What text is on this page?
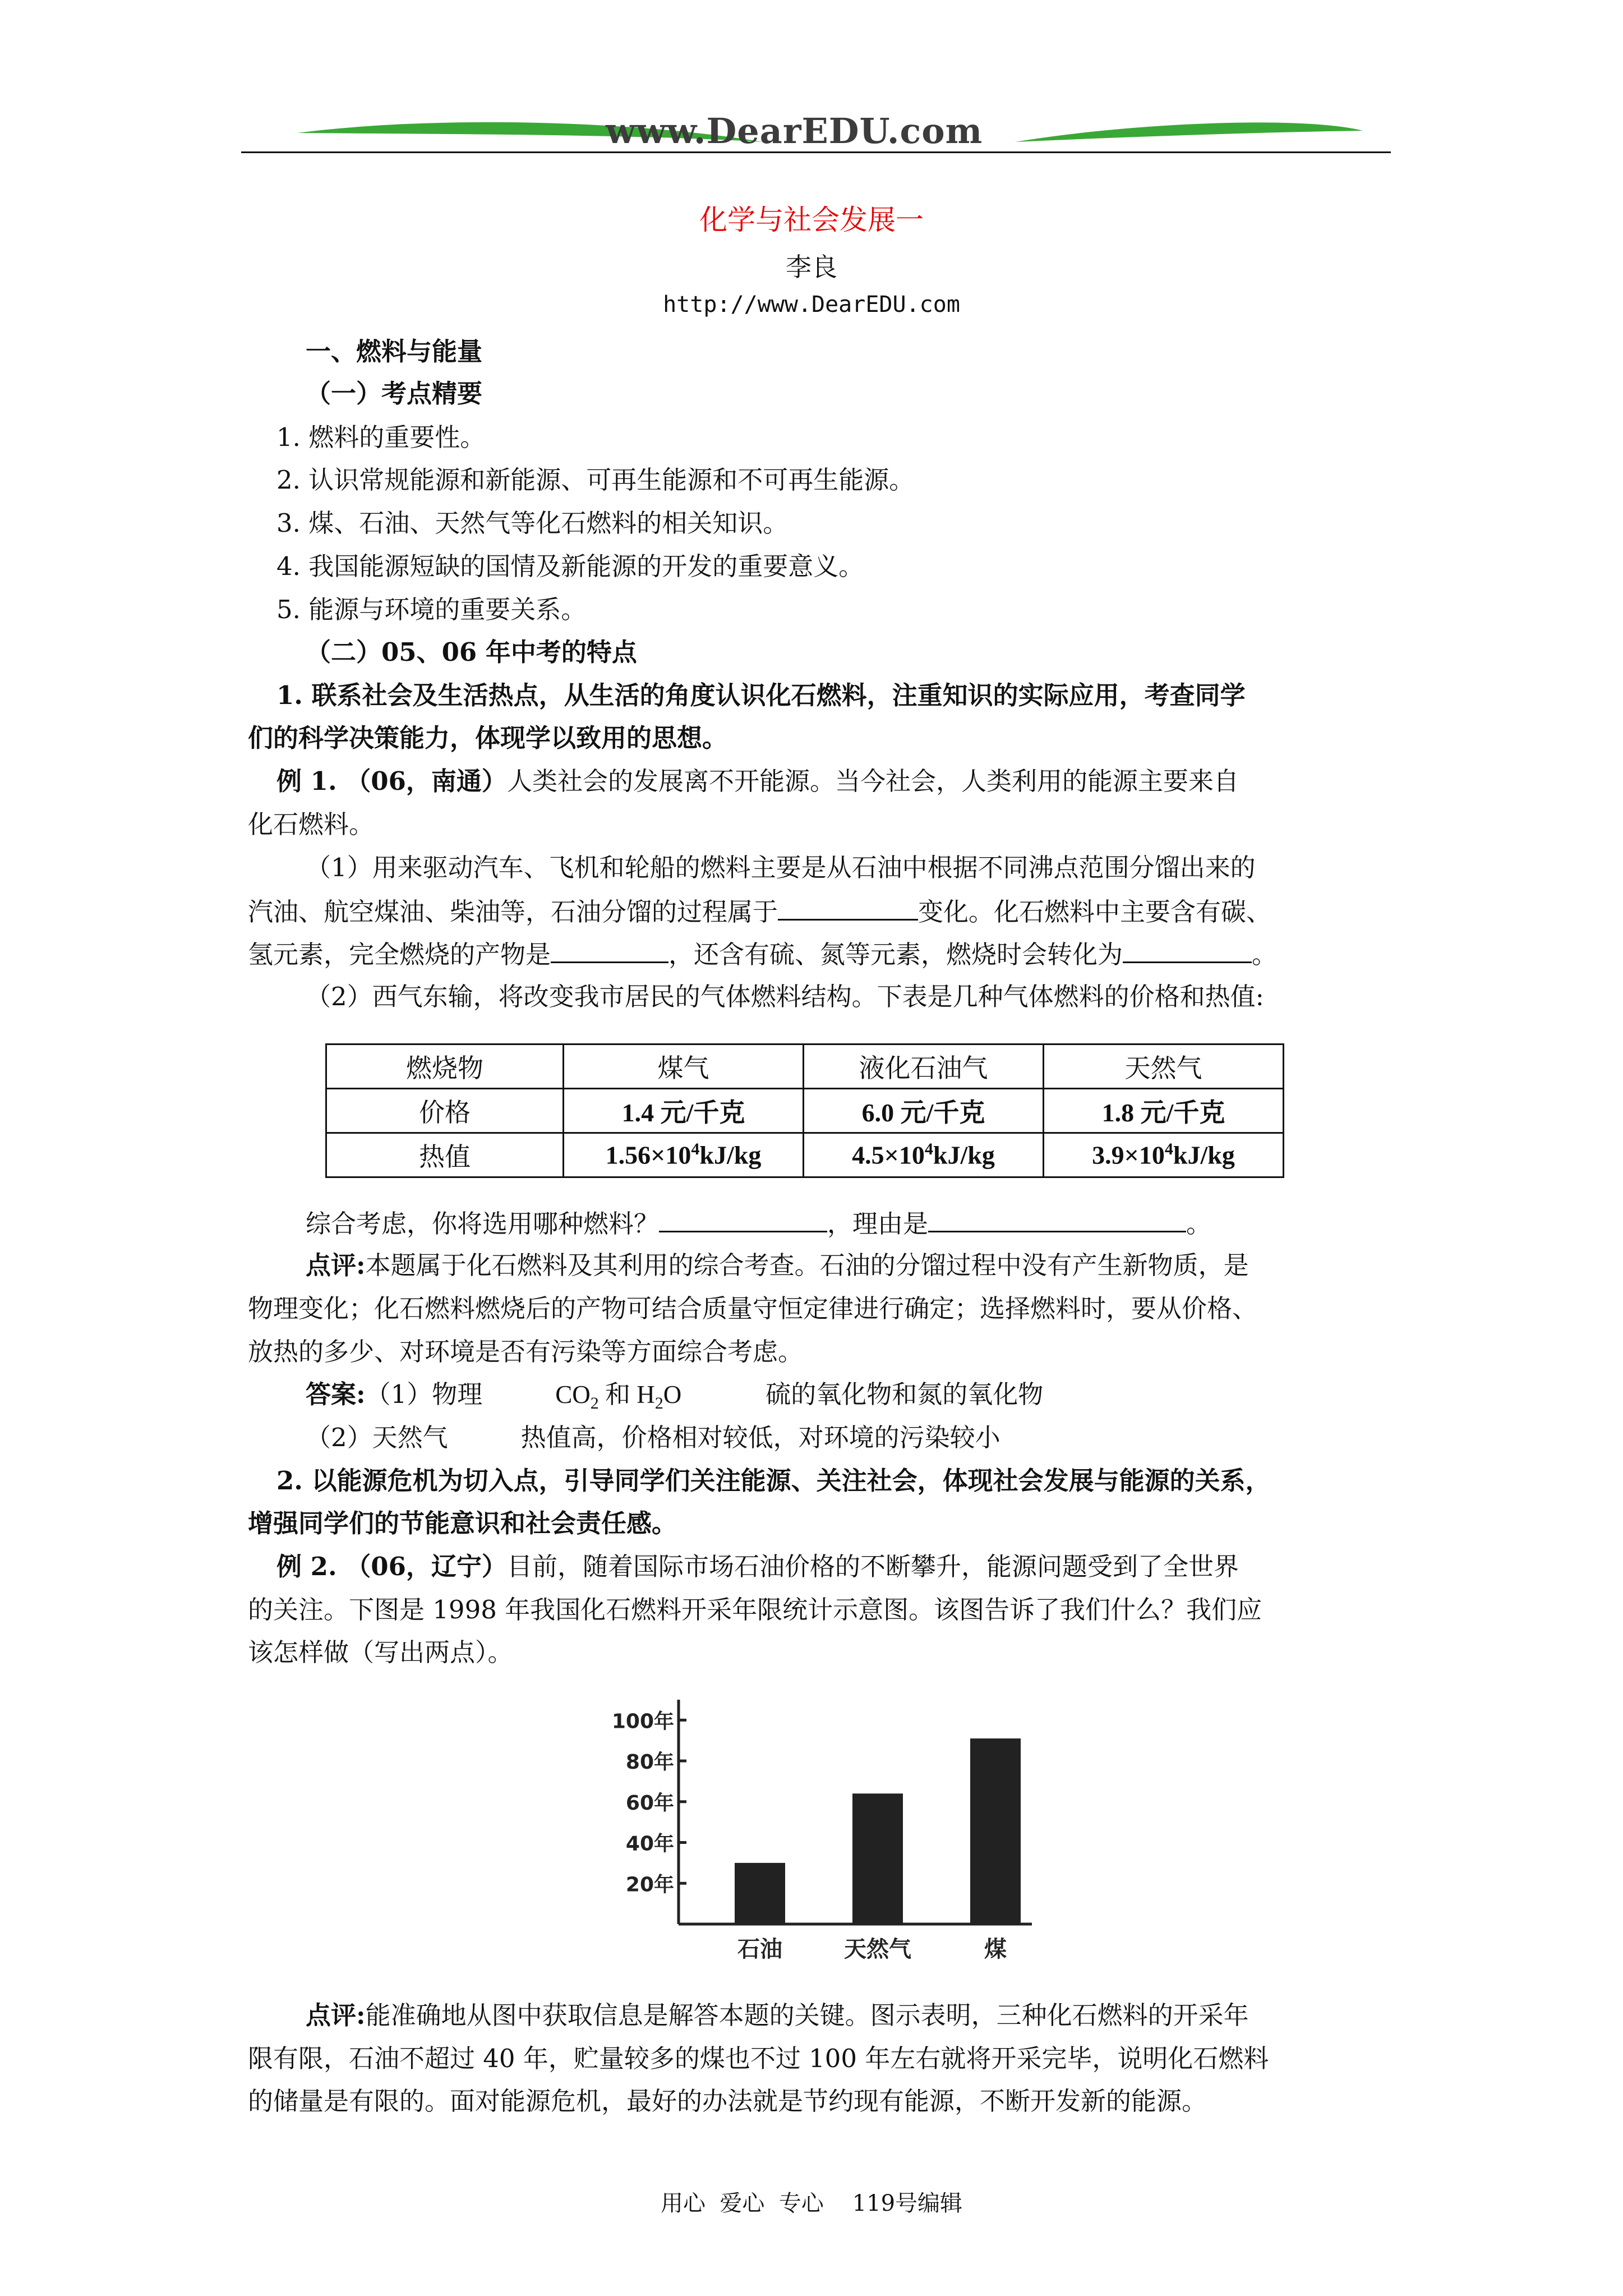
www.DearEDU.com
化学与社会发展一
李良
http://www.DearEDU.com
一、燃料与能量
（一）考点精要
1. 燃料的重要性。
2. 认识常规能源和新能源、可再生能源和不可再生能源。
3. 煤、石油、天然气等化石燃料的相关知识。
4. 我国能源短缺的国情及新能源的开发的重要意义。
5. 能源与环境的重要关系。
（二）05、06 年中考的特点
1. 联系社会及生活热点，从生活的角度认识化石燃料，注重知识的实际应用，考查同学
们的科学决策能力，体现学以致用的思想。
例 1. （06，南通）人类社会的发展离不开能源。当今社会，人类利用的能源主要来自
化石燃料。
（1）用来驱动汽车、飞机和轮船的燃料主要是从石油中根据不同沸点范围分馏出来的
汽油、航空煤油、柴油等，石油分馏的过程属于	变化。化石燃料中主要含有碳、
氢元素，完全燃烧的产物是	，还含有硫、氮等元素，燃烧时会转化为	。
（2）西气东输，将改变我市居民的气体燃料结构。下表是几种气体燃料的价格和热值:
燃烧物	煤气	液化石油气	天然气
价格	1.4 元/千克	6.0 元/千克	1.8 元/千克
热值	$1.56\times 10^4kJ/kg$	$4.5\times 10^4kJ/kg$	$3.9\times 10^4kJ/kg$
综合考虑，你将选用哪种燃料？	，理由是	。
点评:本题属于化石燃料及其利用的综合考查。石油的分馏过程中没有产生新物质，是
物理变化；化石燃料燃烧后的产物可结合质量守恒定律进行确定；选择燃料时，要从价格、
放热的多少、对环境是否有污染等方面综合考虑。
答案:（1）物理	$CO_2$ 和 $H_2O$	硫的氧化物和氮的氧化物
（2）天然气	热值高，价格相对较低，对环境的污染较小
2. 以能源危机为切入点，引导同学们关注能源、关注社会，体现社会发展与能源的关系，
增强同学们的节能意识和社会责任感。
例 2. （06，辽宁）目前，随着国际市场石油价格的不断攀升，能源问题受到了全世界
的关注。下图是 1998 年我国化石燃料开采年限统计示意图。该图告诉了我们什么？我们应
该怎样做（写出两点）。
20年
40年
60年
80年
100年
石油	天然气	煤
点评:能准确地从图中获取信息是解答本题的关键。图示表明，三种化石燃料的开采年
限有限，石油不超过 40 年，贮量较多的煤也不过 100 年左右就将开采完毕，说明化石燃料
的储量是有限的。面对能源危机，最好的办法就是节约现有能源，不断开发新的能源。
用心  爱心  专心    119号编辑
